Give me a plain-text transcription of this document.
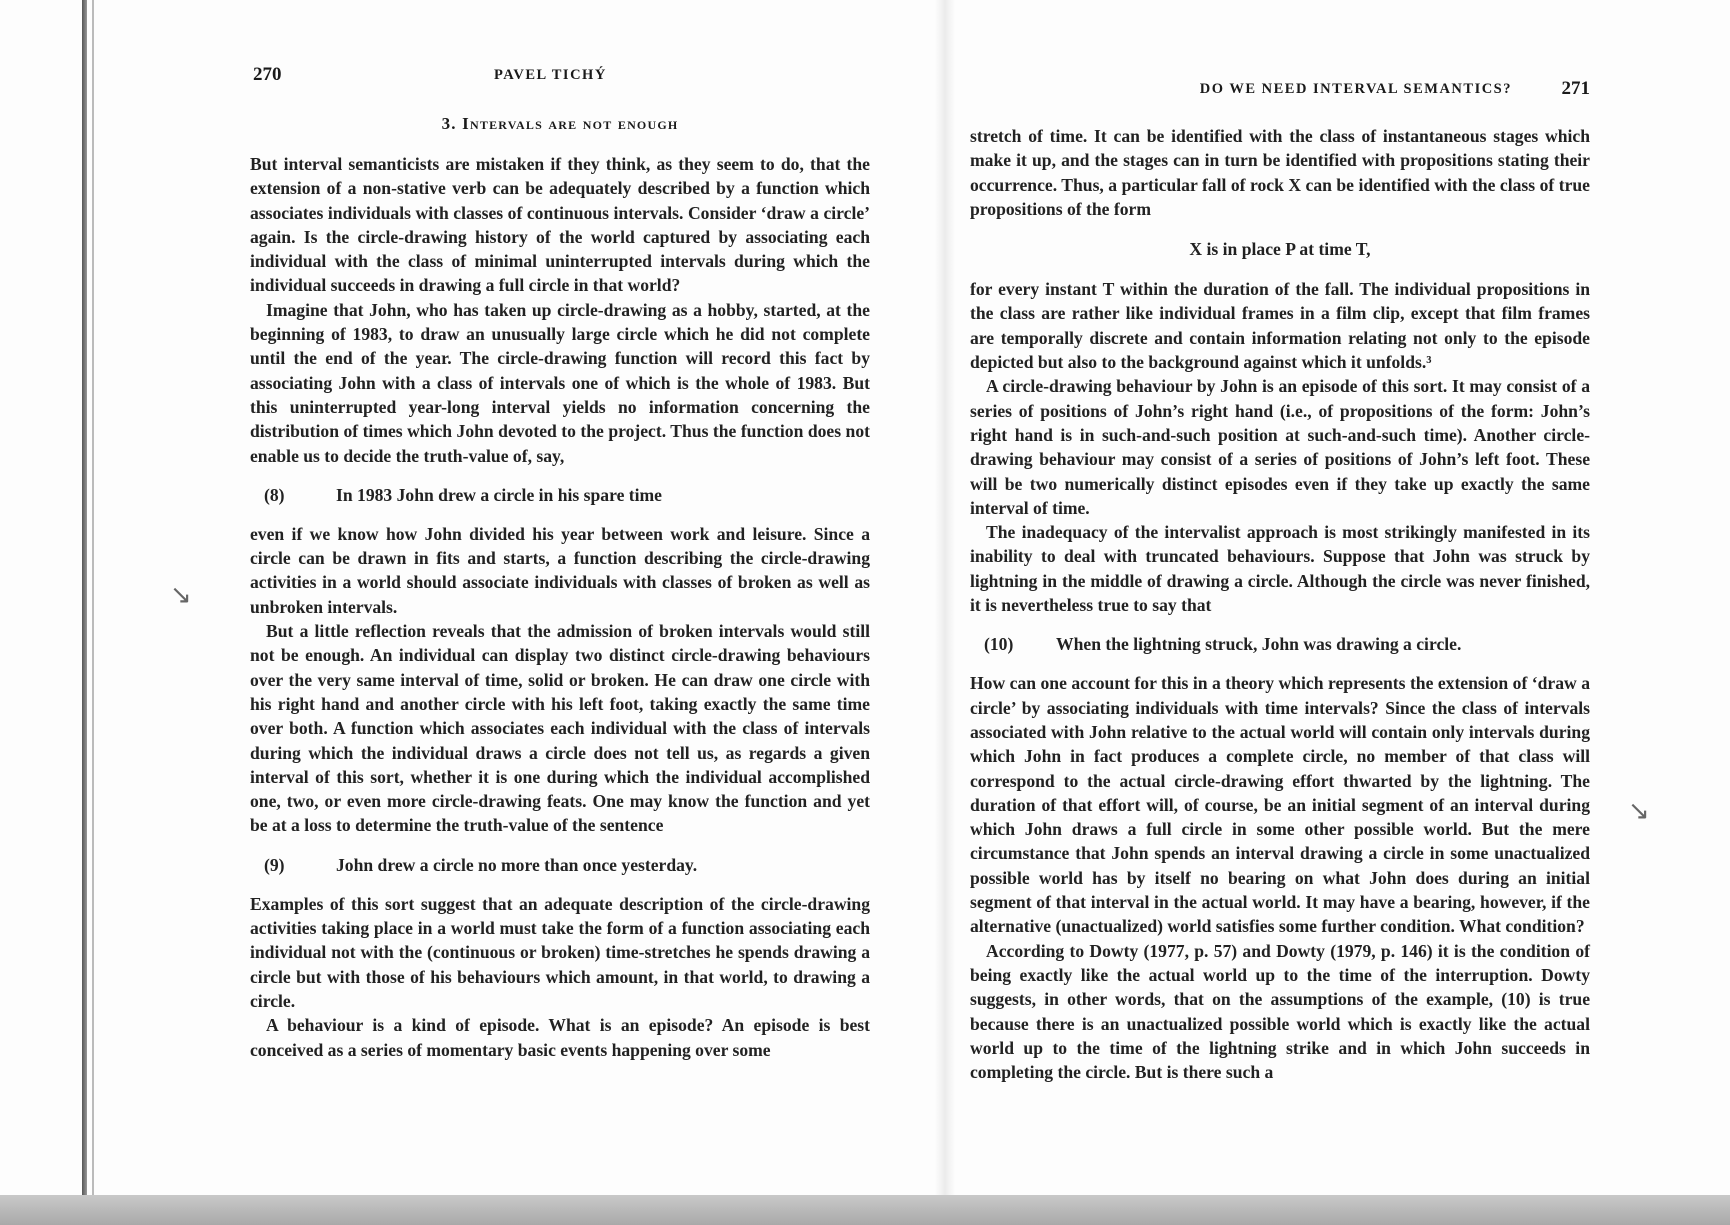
↘
↘
270	PAVEL TICHÝ
3. Intervals are not enough

But interval semanticists are mistaken if they think, as they seem to do, that the extension of a non-stative verb can be adequately described by a function which associates individuals with classes of continuous intervals. Consider ‘draw a circle’ again. Is the circle-drawing history of the world captured by associating each individual with the class of minimal uninterrupted intervals during which the individual succeeds in drawing a full circle in that world?

Imagine that John, who has taken up circle-drawing as a hobby, started, at the beginning of 1983, to draw an unusually large circle which he did not complete until the end of the year. The circle-drawing function will record this fact by associating John with a class of intervals one of which is the whole of 1983. But this uninterrupted year-long interval yields no information concerning the distribution of times which John devoted to the project. Thus the function does not enable us to decide the truth-value of, say,

(8)	In 1983 John drew a circle in his spare time

even if we know how John divided his year between work and leisure. Since a circle can be drawn in fits and starts, a function describing the circle-drawing activities in a world should associate individuals with classes of broken as well as unbroken intervals.

But a little reflection reveals that the admission of broken intervals would still not be enough. An individual can display two distinct circle-drawing behaviours over the very same interval of time, solid or broken. He can draw one circle with his right hand and another circle with his left foot, taking exactly the same time over both. A function which associates each individual with the class of intervals during which the individual draws a circle does not tell us, as regards a given interval of this sort, whether it is one during which the individual accomplished one, two, or even more circle-drawing feats. One may know the function and yet be at a loss to determine the truth-value of the sentence

(9)	John drew a circle no more than once yesterday.

Examples of this sort suggest that an adequate description of the circle-drawing activities taking place in a world must take the form of a function associating each individual not with the (continuous or broken) time-stretches he spends drawing a circle but with those of his behaviours which amount, in that world, to drawing a circle.

A behaviour is a kind of episode. What is an episode? An episode is best conceived as a series of momentary basic events happening over some

DO WE NEED INTERVAL SEMANTICS?	271

stretch of time. It can be identified with the class of instantaneous stages which make it up, and the stages can in turn be identified with propositions stating their occurrence. Thus, a particular fall of rock X can be identified with the class of true propositions of the form

X is in place P at time T,

for every instant T within the duration of the fall. The individual propositions in the class are rather like individual frames in a film clip, except that film frames are temporally discrete and contain information relating not only to the episode depicted but also to the background against which it unfolds.³

A circle-drawing behaviour by John is an episode of this sort. It may consist of a series of positions of John’s right hand (i.e., of propositions of the form: John’s right hand is in such-and-such position at such-and-such time). Another circle-drawing behaviour may consist of a series of positions of John’s left foot. These will be two numerically distinct episodes even if they take up exactly the same interval of time.

The inadequacy of the intervalist approach is most strikingly manifested in its inability to deal with truncated behaviours. Suppose that John was struck by lightning in the middle of drawing a circle. Although the circle was never finished, it is nevertheless true to say that

(10)	When the lightning struck, John was drawing a circle.

How can one account for this in a theory which represents the extension of ‘draw a circle’ by associating individuals with time intervals? Since the class of intervals associated with John relative to the actual world will contain only intervals during which John in fact produces a complete circle, no member of that class will correspond to the actual circle-drawing effort thwarted by the lightning. The duration of that effort will, of course, be an initial segment of an interval during which John draws a full circle in some other possible world. But the mere circumstance that John spends an interval drawing a circle in some unactualized possible world has by itself no bearing on what John does during an initial segment of that interval in the actual world. It may have a bearing, however, if the alternative (unactualized) world satisfies some further condition. What condition?

According to Dowty (1977, p. 57) and Dowty (1979, p. 146) it is the condition of being exactly like the actual world up to the time of the interruption. Dowty suggests, in other words, that on the assumptions of the example, (10) is true because there is an unactualized possible world which is exactly like the actual world up to the time of the lightning strike and in which John succeeds in completing the circle. But is there such a
